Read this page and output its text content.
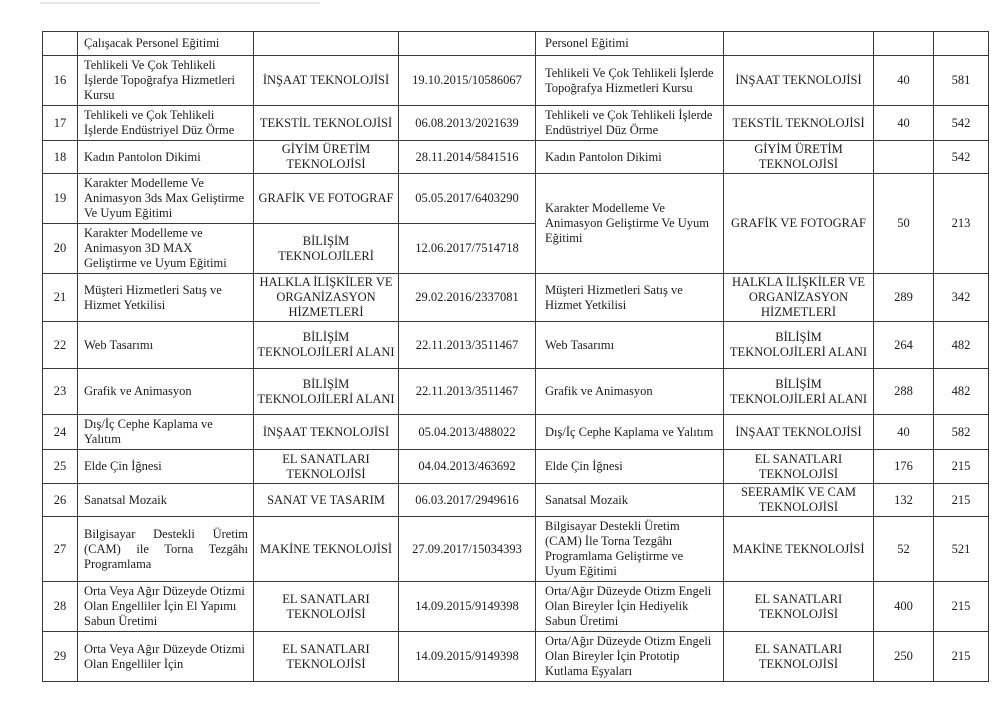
	Çalışacak Personel Eğitimi			Personel Eğitimi			
16	Tehlikeli Ve Çok Tehlikeli İşlerde Topoğrafya Hizmetleri Kursu	İNŞAAT TEKNOLOJİSİ	19.10.2015/10586067	Tehlikeli Ve Çok Tehlikeli İşlerde Topoğrafya Hizmetleri Kursu	İNŞAAT TEKNOLOJİSİ	40	581
17	Tehlikeli ve Çok Tehlikeli İşlerde Endüstriyel Düz Örme	TEKSTİL TEKNOLOJİSİ	06.08.2013/2021639	Tehlikeli ve Çok Tehlikeli İşlerde Endüstriyel Düz Örme	TEKSTİL TEKNOLOJİSİ	40	542
18	Kadın Pantolon Dikimi	GİYİM ÜRETİM TEKNOLOJİSİ	28.11.2014/5841516	Kadın Pantolon Dikimi	GİYİM ÜRETİM TEKNOLOJİSİ		542
19	Karakter Modelleme Ve Animasyon 3ds Max Geliştirme Ve Uyum Eğitimi	GRAFİK VE FOTOGRAF	05.05.2017/6403290	Karakter Modelleme Ve Animasyon Geliştirme Ve Uyum Eğitimi	GRAFİK VE FOTOGRAF	50	213
20	Karakter Modelleme ve Animasyon 3D MAX Geliştirme ve Uyum Eğitimi	BİLİŞİM TEKNOLOJİLERİ	12.06.2017/7514718				
21	Müşteri Hizmetleri Satış ve Hizmet Yetkilisi	HALKLA İLİŞKİLER VE ORGANİZASYON HİZMETLERİ	29.02.2016/2337081	Müşteri Hizmetleri Satış ve Hizmet Yetkilisi	HALKLA İLİŞKİLER VE ORGANİZASYON HİZMETLERİ	289	342
22	Web Tasarımı	BİLİŞİM TEKNOLOJİLERİ ALANI	22.11.2013/3511467	Web Tasarımı	BİLİŞİM TEKNOLOJİLERİ ALANI	264	482
23	Grafik ve Animasyon	BİLİŞİM TEKNOLOJİLERİ ALANI	22.11.2013/3511467	Grafik ve Animasyon	BİLİŞİM TEKNOLOJİLERİ ALANI	288	482
24	Dış/İç Cephe Kaplama ve Yalıtım	İNŞAAT TEKNOLOJİSİ	05.04.2013/488022	Dış/İç Cephe Kaplama ve Yalıtım	İNŞAAT TEKNOLOJİSİ	40	582
25	Elde Çin İğnesi	EL SANATLARI TEKNOLOJİSİ	04.04.2013/463692	Elde Çin İğnesi	EL SANATLARI TEKNOLOJİSİ	176	215
26	Sanatsal Mozaik	SANAT VE TASARIM	06.03.2017/2949616	Sanatsal Mozaik	SEERAMİK VE CAM TEKNOLOJİSİ	132	215
27	Bilgisayar Destekli Üretim (CAM) ile Torna Tezgâhı Programlama	MAKİNE TEKNOLOJİSİ	27.09.2017/15034393	Bilgisayar Destekli Üretim (CAM) İle Torna Tezgâhı Programlama Geliştirme ve Uyum Eğitimi	MAKİNE TEKNOLOJİSİ	52	521
28	Orta Veya Ağır Düzeyde Otizmi Olan Engelliler İçin El Yapımı Sabun Üretimi	EL SANATLARI TEKNOLOJİSİ	14.09.2015/9149398	Orta/Ağır Düzeyde Otizm Engeli Olan Bireyler İçin Hediyelik Sabun Üretimi	EL SANATLARI TEKNOLOJİSİ	400	215
29	Orta Veya Ağır Düzeyde Otizmi Olan Engelliler İçin	EL SANATLARI TEKNOLOJİSİ	14.09.2015/9149398	Orta/Ağır Düzeyde Otizm Engeli Olan Bireyler İçin Prototip Kutlama Eşyaları	EL SANATLARI TEKNOLOJİSİ	250	215
